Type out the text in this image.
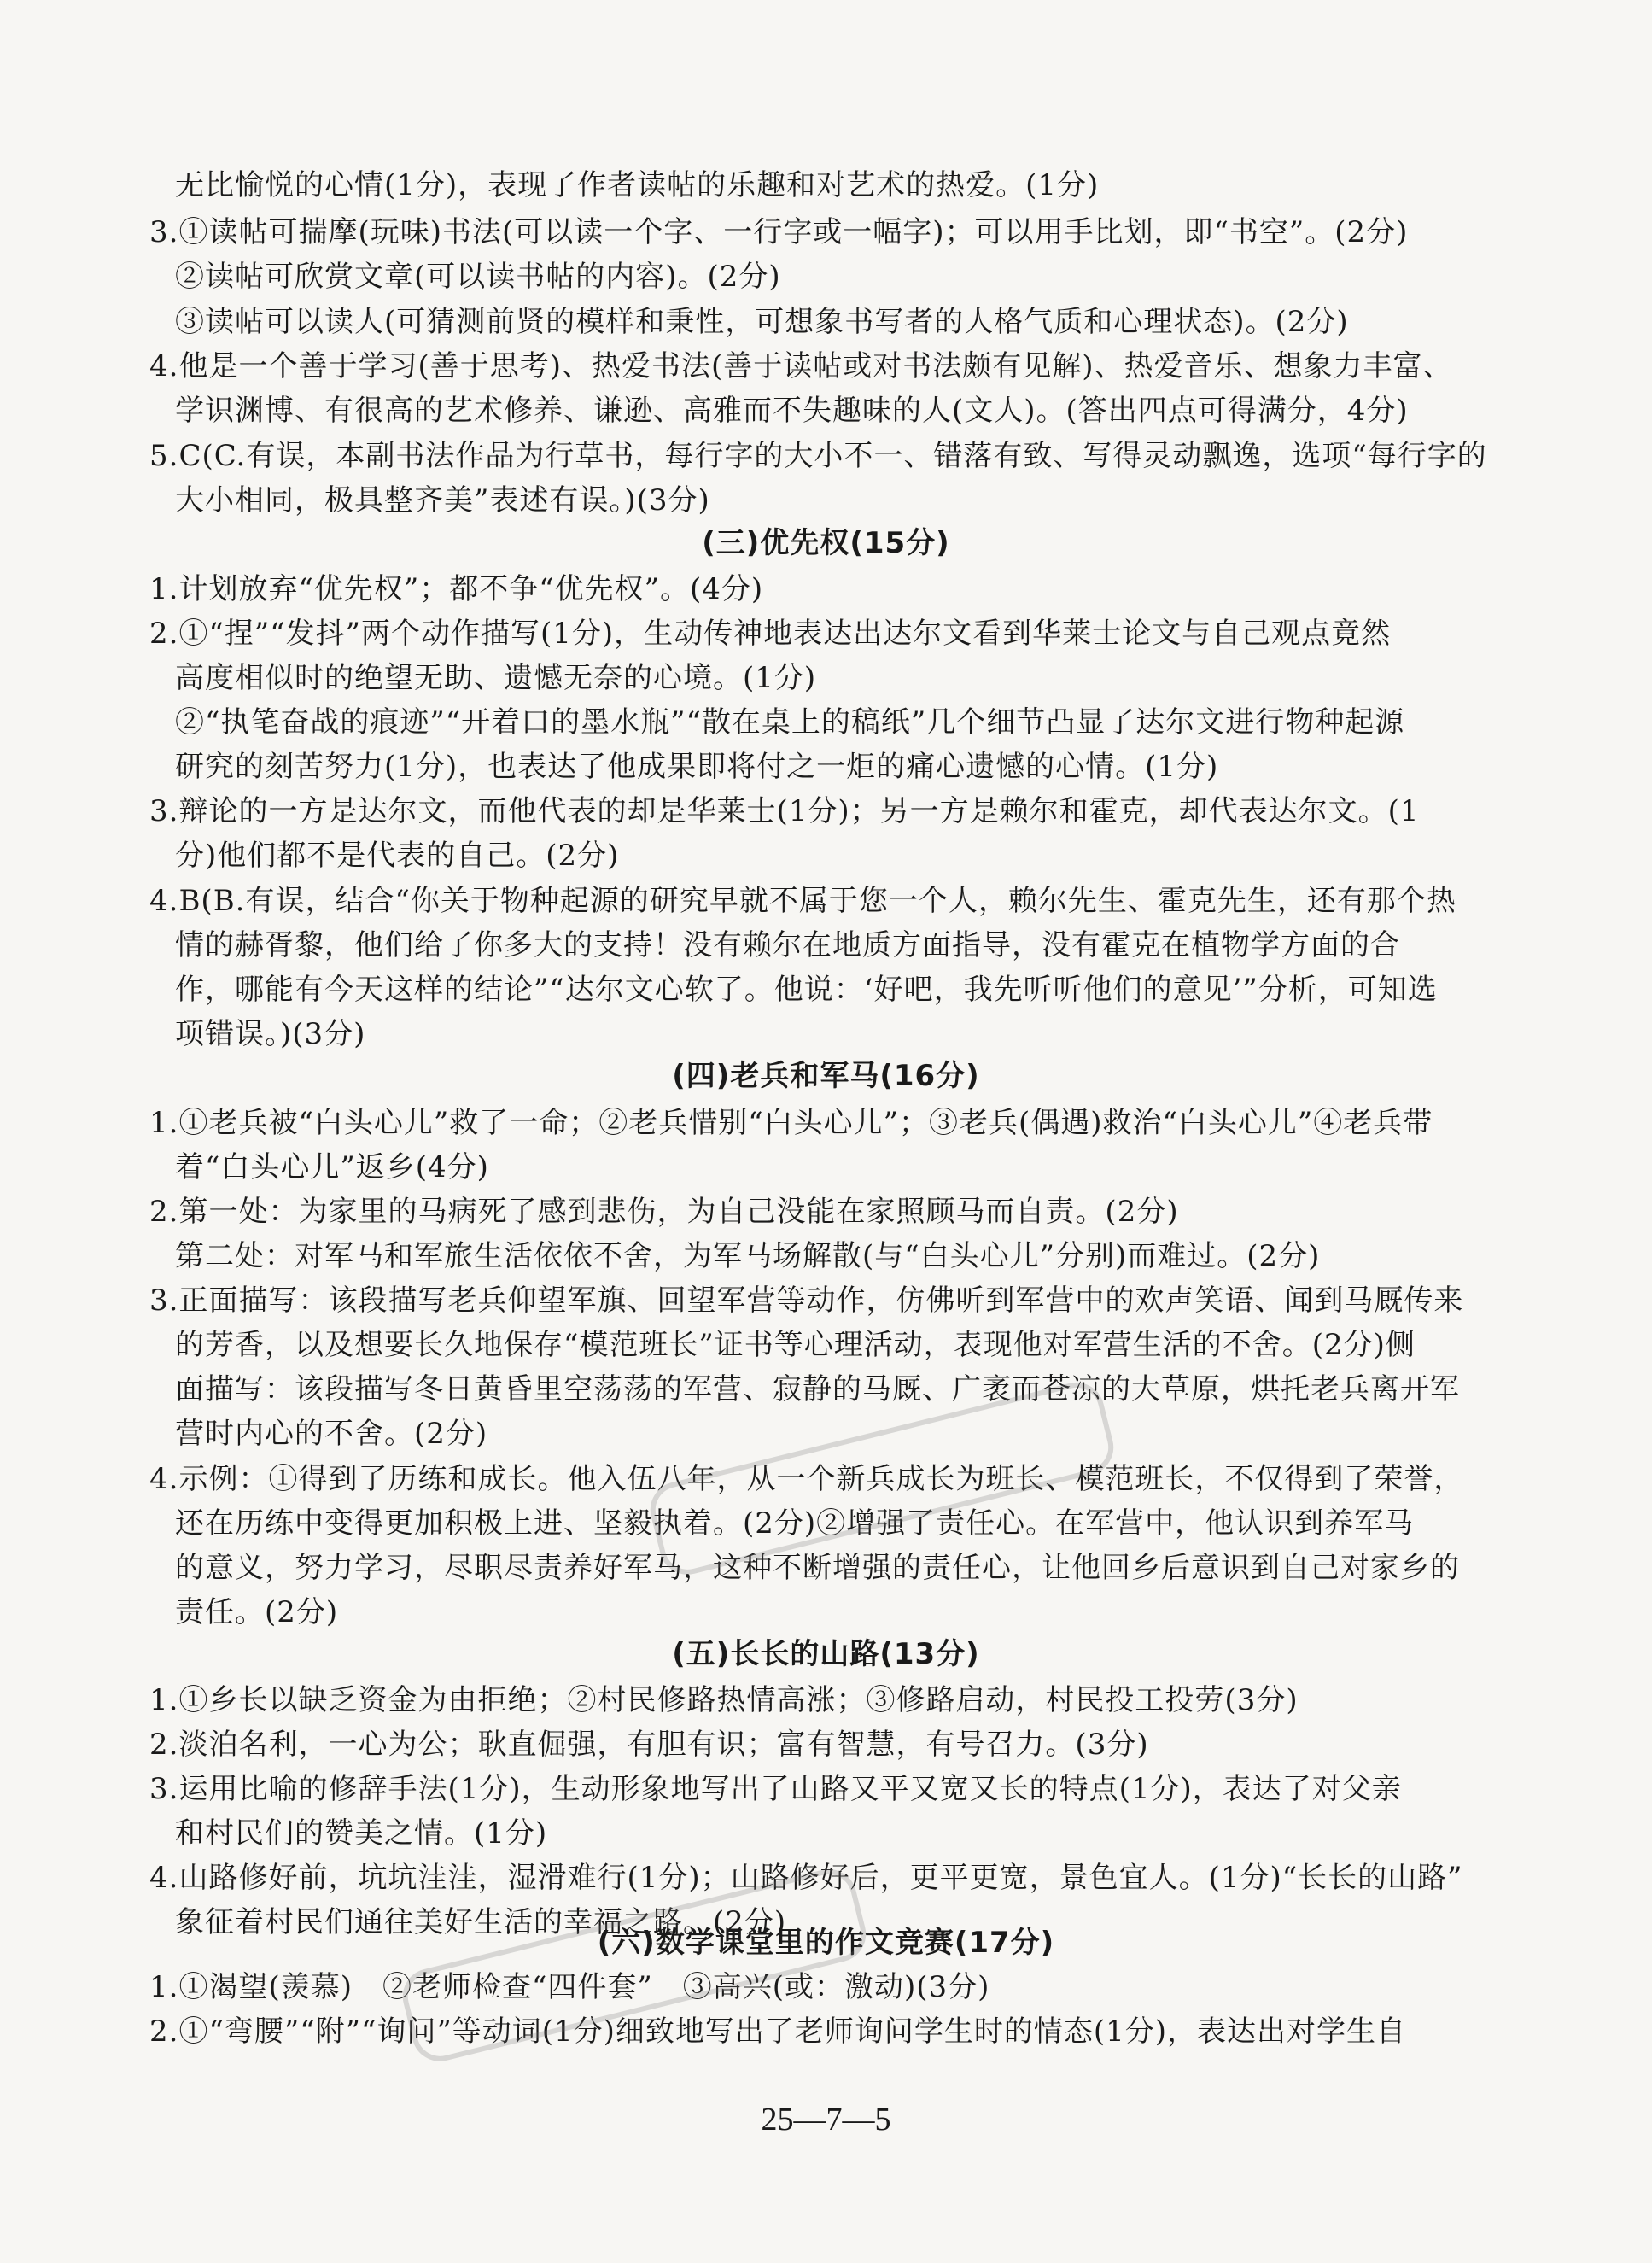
无比愉悦的心情(1分)，表现了作者读帖的乐趣和对艺术的热爱。(1分)
3.①读帖可揣摩(玩味)书法(可以读一个字、一行字或一幅字)；可以用手比划，即“书空”。(2分)
②读帖可欣赏文章(可以读书帖的内容)。(2分)
③读帖可以读人(可猜测前贤的模样和秉性，可想象书写者的人格气质和心理状态)。(2分)
4.他是一个善于学习(善于思考)、热爱书法(善于读帖或对书法颇有见解)、热爱音乐、想象力丰富、
学识渊博、有很高的艺术修养、谦逊、高雅而不失趣味的人(文人)。(答出四点可得满分，4分)
5.C(C.有误，本副书法作品为行草书，每行字的大小不一、错落有致、写得灵动飘逸，选项“每行字的
大小相同，极具整齐美”表述有误。)(3分)
(三)优先权(15分)
1.计划放弃“优先权”；都不争“优先权”。(4分)
2.①“捏”“发抖”两个动作描写(1分)，生动传神地表达出达尔文看到华莱士论文与自己观点竟然
高度相似时的绝望无助、遗憾无奈的心境。(1分)
②“执笔奋战的痕迹”“开着口的墨水瓶”“散在桌上的稿纸”几个细节凸显了达尔文进行物种起源
研究的刻苦努力(1分)，也表达了他成果即将付之一炬的痛心遗憾的心情。(1分)
3.辩论的一方是达尔文，而他代表的却是华莱士(1分)；另一方是赖尔和霍克，却代表达尔文。(1
分)他们都不是代表的自己。(2分)
4.B(B.有误，结合“你关于物种起源的研究早就不属于您一个人，赖尔先生、霍克先生，还有那个热
情的赫胥黎，他们给了你多大的支持！没有赖尔在地质方面指导，没有霍克在植物学方面的合
作，哪能有今天这样的结论”“达尔文心软了。他说：‘好吧，我先听听他们的意见’”分析，可知选
项错误。)(3分)
(四)老兵和军马(16分)
1.①老兵被“白头心儿”救了一命；②老兵惜别“白头心儿”；③老兵(偶遇)救治“白头心儿”④老兵带
着“白头心儿”返乡(4分)
2.第一处：为家里的马病死了感到悲伤，为自己没能在家照顾马而自责。(2分)
第二处：对军马和军旅生活依依不舍，为军马场解散(与“白头心儿”分别)而难过。(2分)
3.正面描写：该段描写老兵仰望军旗、回望军营等动作，仿佛听到军营中的欢声笑语、闻到马厩传来
的芳香，以及想要长久地保存“模范班长”证书等心理活动，表现他对军营生活的不舍。(2分)侧
面描写：该段描写冬日黄昏里空荡荡的军营、寂静的马厩、广袤而苍凉的大草原，烘托老兵离开军
营时内心的不舍。(2分)
4.示例：①得到了历练和成长。他入伍八年，从一个新兵成长为班长、模范班长，不仅得到了荣誉，
还在历练中变得更加积极上进、坚毅执着。(2分)②增强了责任心。在军营中，他认识到养军马
的意义，努力学习，尽职尽责养好军马，这种不断增强的责任心，让他回乡后意识到自己对家乡的
责任。(2分)
(五)长长的山路(13分)
1.①乡长以缺乏资金为由拒绝；②村民修路热情高涨；③修路启动，村民投工投劳(3分)
2.淡泊名利，一心为公；耿直倔强，有胆有识；富有智慧，有号召力。(3分)
3.运用比喻的修辞手法(1分)，生动形象地写出了山路又平又宽又长的特点(1分)，表达了对父亲
和村民们的赞美之情。(1分)
4.山路修好前，坑坑洼洼，湿滑难行(1分)；山路修好后，更平更宽，景色宜人。(1分)“长长的山路”
象征着村民们通往美好生活的幸福之路。(2分)
(六)数学课堂里的作文竞赛(17分)
1.①渴望(羡慕)　②老师检查“四件套”　③高兴(或：激动)(3分)
2.①“弯腰”“附”“询问”等动词(1分)细致地写出了老师询问学生时的情态(1分)，表达出对学生自
25—7—5
